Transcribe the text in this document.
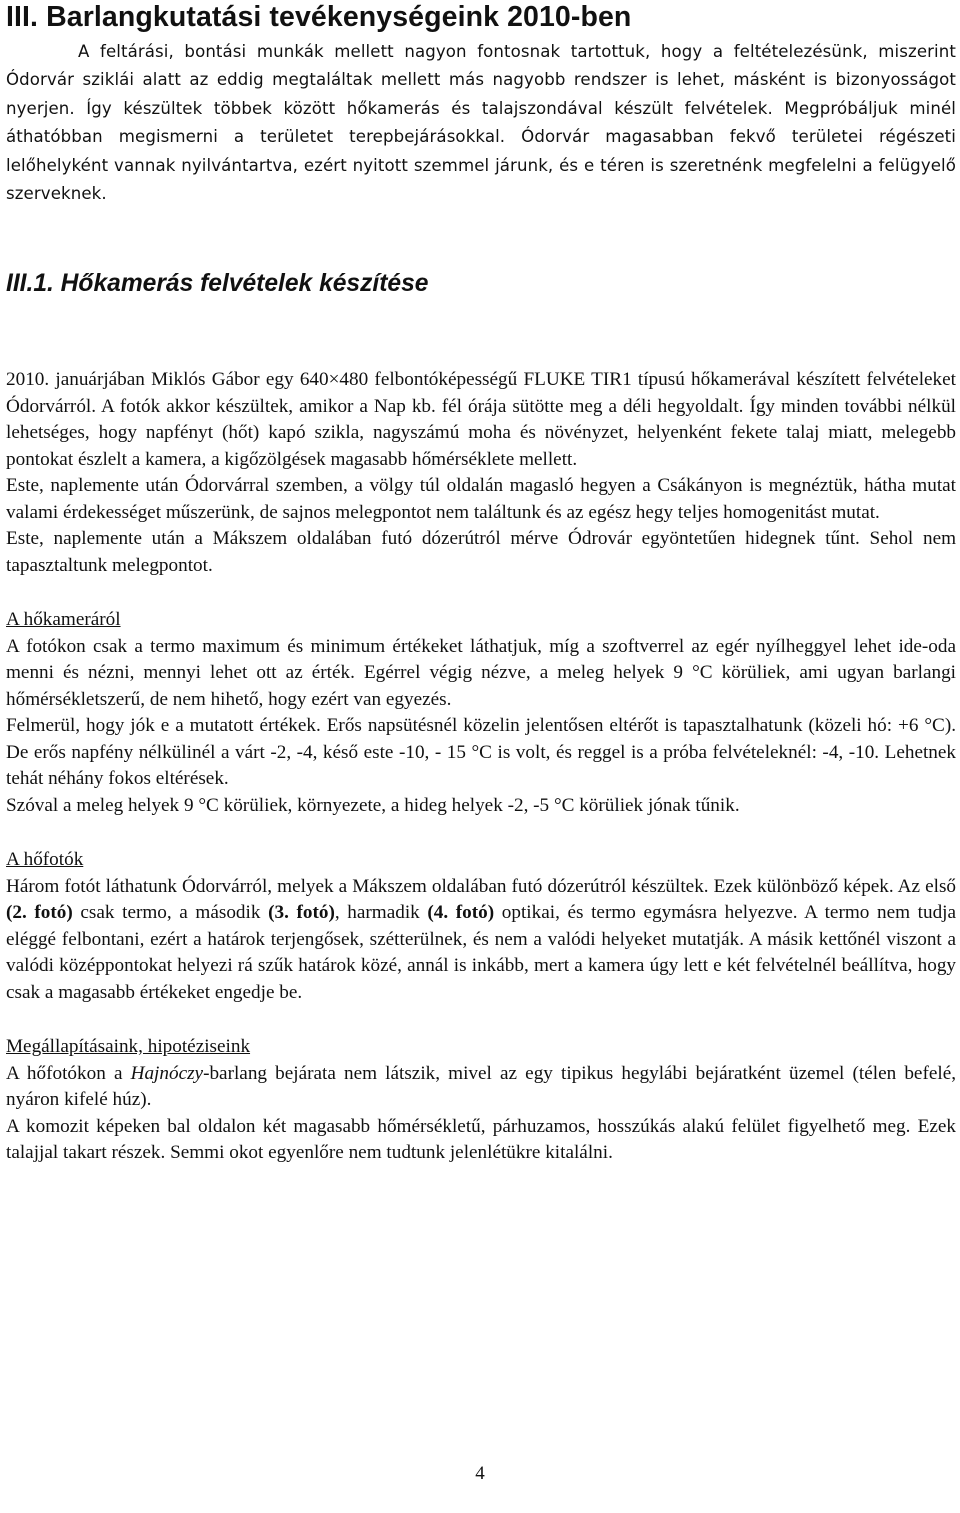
III. Barlangkutatási tevékenységeink 2010-ben
A feltárási, bontási munkák mellett nagyon fontosnak tartottuk, hogy a feltételezésünk, miszerint Ódorvár sziklái alatt az eddig megtaláltak mellett más nagyobb rendszer is lehet, másként is bizonyosságot nyerjen. Így készültek többek között hőkamerás és talajszondával készült felvételek. Megpróbáljuk minél áthatóbban megismerni a területet terepbejárásokkal. Ódorvár magasabban fekvő területei régészeti lelőhelyként vannak nyilvántartva, ezért nyitott szemmel járunk, és e téren is szeretnénk megfelelni a felügyelő szerveknek.
III.1. Hőkamerás felvételek készítése

2010. januárjában Miklós Gábor egy 640×480 felbontóképességű FLUKE TIR1 típusú hőkamerával készített felvételeket Ódorvárról. A fotók akkor készültek, amikor a Nap kb. fél órája sütötte meg a déli hegyoldalt. Így minden további nélkül lehetséges, hogy napfényt (hőt) kapó szikla, nagyszámú moha és növényzet, helyenként fekete talaj miatt, melegebb pontokat észlelt a kamera, a kigőzölgések magasabb hőmérséklete mellett.

Este, naplemente után Ódorvárral szemben, a völgy túl oldalán magasló hegyen a Csákányon is megnéztük, hátha mutat valami érdekességet műszerünk, de sajnos melegpontot nem találtunk és az egész hegy teljes homogenitást mutat.

Este, naplemente után a Mákszem oldalában futó dózerútról mérve Ódrovár egyöntetűen hidegnek tűnt. Sehol nem tapasztaltunk melegpontot.

A hőkameráról

A fotókon csak a termo maximum és minimum értékeket láthatjuk, míg a szoftverrel az egér nyílheggyel lehet ide-oda menni és nézni, mennyi lehet ott az érték. Egérrel végig nézve, a meleg helyek 9 °C körüliek, ami ugyan barlangi hőmérsékletszerű, de nem hihető, hogy ezért van egyezés.

Felmerül, hogy jók e a mutatott értékek. Erős napsütésnél közelin jelentősen eltérőt is tapasztalhatunk (közeli hó: +6 °C). De erős napfény nélkülinél a várt -2, -4, késő este -10, - 15 °C is volt, és reggel is a próba felvételeknél: -4, -10. Lehetnek tehát néhány fokos eltérések.

Szóval a meleg helyek 9 °C körüliek, környezete, a hideg helyek -2, -5 °C körüliek jónak tűnik.

A hőfotók

Három fotót láthatunk Ódorvárról, melyek a Mákszem oldalában futó dózerútról készültek. Ezek különböző képek. Az első (2. fotó) csak termo, a második (3. fotó), harmadik (4. fotó) optikai, és termo egymásra helyezve. A termo nem tudja eléggé felbontani, ezért a határok terjengősek, szétterülnek, és nem a valódi helyeket mutatják. A másik kettőnél viszont a valódi középpontokat helyezi rá szűk határok közé, annál is inkább, mert a kamera úgy lett e két felvételnél beállítva, hogy csak a magasabb értékeket engedje be.

Megállapításaink, hipotéziseink

A hőfotókon a Hajnóczy-barlang bejárata nem látszik, mivel az egy tipikus hegylábi bejáratként üzemel (télen befelé, nyáron kifelé húz).

A komozit képeken bal oldalon két magasabb hőmérsékletű, párhuzamos, hosszúkás alakú felület figyelhető meg. Ezek talajjal takart részek. Semmi okot egyenlőre nem tudtunk jelenlétükre kitalálni.

4
